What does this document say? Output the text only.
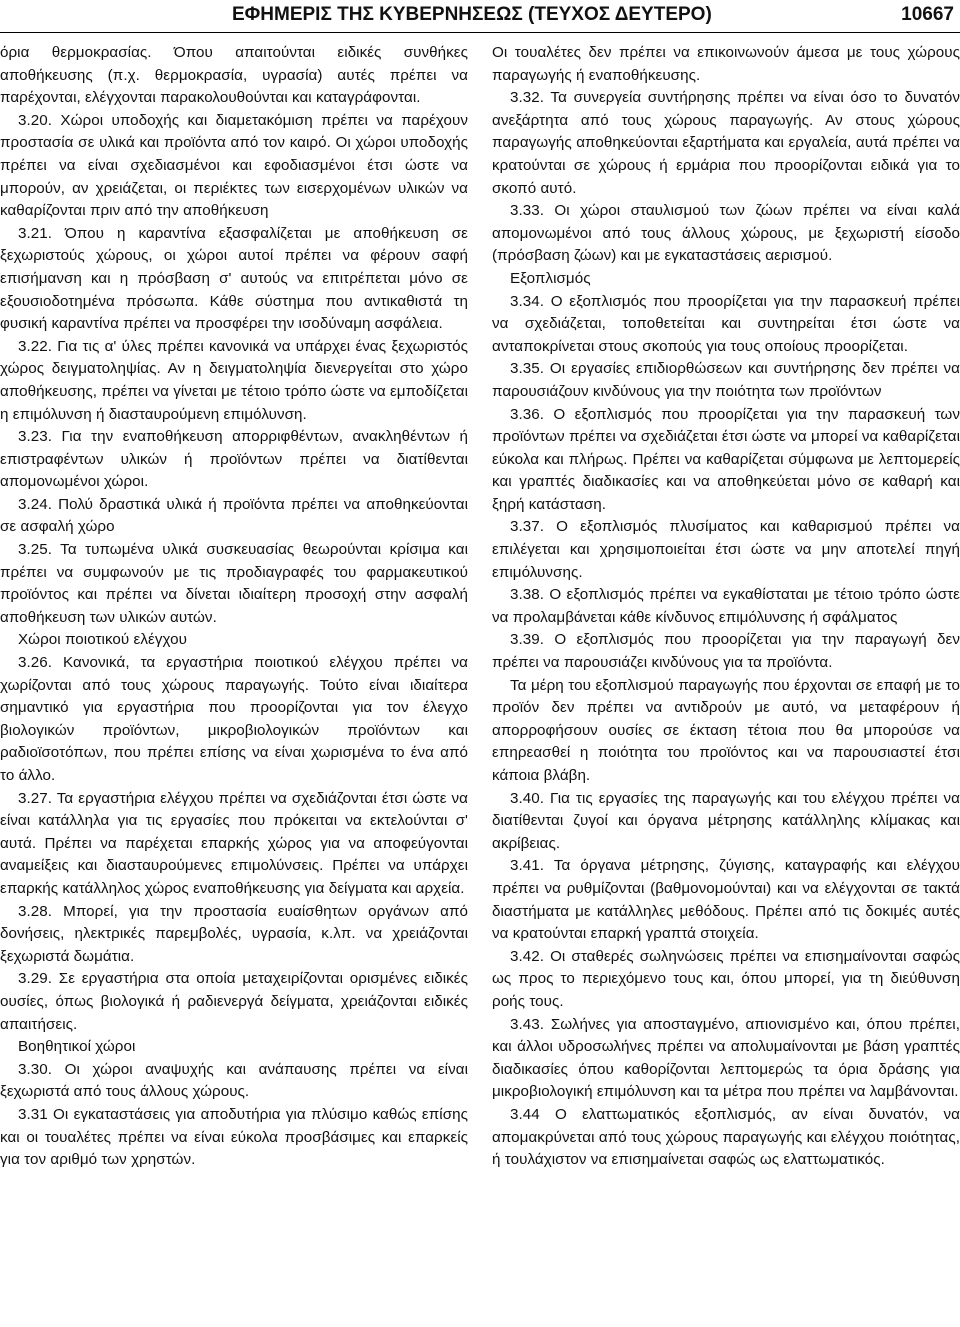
ΕΦΗΜΕΡΙΣ ΤΗΣ ΚΥΒΕΡΝΗΣΕΩΣ (ΤΕΥΧΟΣ ΔΕΥΤΕΡΟ)	10667

όρια θερμοκρασίας. Όπου απαιτούνται ειδικές συνθήκες αποθήκευσης (π.χ. θερμοκρασία, υγρασία) αυτές πρέπει να παρέχονται, ελέγχονται παρακολουθούνται και καταγράφονται.

3.20. Χώροι υποδοχής και διαμετακόμιση πρέπει να παρέχουν προστασία σε υλικά και προϊόντα από τον καιρό. Οι χώροι υποδοχής πρέπει να είναι σχεδιασμένοι και εφοδιασμένοι έτσι ώστε να μπορούν, αν χρειάζεται, οι περιέκτες των εισερχομένων υλικών να καθαρίζονται πριν από την αποθήκευση

3.21. Όπου η καραντίνα εξασφαλίζεται με αποθήκευση σε ξεχωριστούς χώρους, οι χώροι αυτοί πρέπει να φέρουν σαφή επισήμανση και η πρόσβαση σ' αυτούς να επιτρέπεται μόνο σε εξουσιοδοτημένα πρόσωπα. Κάθε σύστημα που αντικαθιστά τη φυσική καραντίνα πρέπει να προσφέρει την ισοδύναμη ασφάλεια.

3.22. Για τις α' ύλες πρέπει κανονικά να υπάρχει ένας ξεχωριστός χώρος δειγματοληψίας. Αν η δειγματοληψία διενεργείται στο χώρο αποθήκευσης, πρέπει να γίνεται με τέτοιο τρόπο ώστε να εμποδίζεται η επιμόλυνση ή διασταυρούμενη επιμόλυνση.

3.23. Για την εναποθήκευση απορριφθέντων, ανακληθέντων ή επιστραφέντων υλικών ή προϊόντων πρέπει να διατίθενται απομονωμένοι χώροι.

3.24. Πολύ δραστικά υλικά ή προϊόντα πρέπει να αποθηκεύονται σε ασφαλή χώρο

3.25. Τα τυπωμένα υλικά συσκευασίας θεωρούνται κρίσιμα και πρέπει να συμφωνούν με τις προδιαγραφές του φαρμακευτικού προϊόντος και πρέπει να δίνεται ιδιαίτερη προσοχή στην ασφαλή αποθήκευση των υλικών αυτών.

Χώροι ποιοτικού ελέγχου

3.26. Κανονικά, τα εργαστήρια ποιοτικού ελέγχου πρέπει να χωρίζονται από τους χώρους παραγωγής. Τούτο είναι ιδιαίτερα σημαντικό για εργαστήρια που προορίζονται για τον έλεγχο βιολογικών προϊόντων, μικροβιολογικών προϊόντων και ραδιοϊσοτόπων, που πρέπει επίσης να είναι χωρισμένα το ένα από το άλλο.

3.27. Τα εργαστήρια ελέγχου πρέπει να σχεδιάζονται έτσι ώστε να είναι κατάλληλα για τις εργασίες που πρόκειται να εκτελούνται σ' αυτά. Πρέπει να παρέχεται επαρκής χώρος για να αποφεύγονται αναμείξεις και διασταυρούμενες επιμολύνσεις. Πρέπει να υπάρχει επαρκής κατάλληλος χώρος εναποθήκευσης για δείγματα και αρχεία.

3.28. Μπορεί, για την προστασία ευαίσθητων οργάνων από δονήσεις, ηλεκτρικές παρεμβολές, υγρασία, κ.λπ. να χρειάζονται ξεχωριστά δωμάτια.

3.29. Σε εργαστήρια στα οποία μεταχειρίζονται ορισμένες ειδικές ουσίες, όπως βιολογικά ή ραδιενεργά δείγματα, χρειάζονται ειδικές απαιτήσεις.

Βοηθητικοί χώροι

3.30. Οι χώροι αναψυχής και ανάπαυσης πρέπει να είναι ξεχωριστά από τους άλλους χώρους.

3.31 Οι εγκαταστάσεις για αποδυτήρια για πλύσιμο καθώς επίσης και οι τουαλέτες πρέπει να είναι εύκολα προσβάσιμες και επαρκείς για τον αριθμό των χρηστών.

Οι τουαλέτες δεν πρέπει να επικοινωνούν άμεσα με τους χώρους παραγωγής ή εναποθήκευσης.

3.32. Τα συνεργεία συντήρησης πρέπει να είναι όσο το δυνατόν ανεξάρτητα από τους χώρους παραγωγής. Αν στους χώρους παραγωγής αποθηκεύονται εξαρτήματα και εργαλεία, αυτά πρέπει να κρατούνται σε χώρους ή ερμάρια που προορίζονται ειδικά για το σκοπό αυτό.

3.33. Οι χώροι σταυλισμού των ζώων πρέπει να είναι καλά απομονωμένοι από τους άλλους χώρους, με ξεχωριστή είσοδο (πρόσβαση ζώων) και με εγκαταστάσεις αερισμού.

Εξοπλισμός

3.34. Ο εξοπλισμός που προορίζεται για την παρασκευή πρέπει να σχεδιάζεται, τοποθετείται και συντηρείται έτσι ώστε να ανταποκρίνεται στους σκοπούς για τους οποίους προορίζεται.

3.35. Οι εργασίες επιδιορθώσεων και συντήρησης δεν πρέπει να παρουσιάζουν κινδύνους για την ποιότητα των προϊόντων

3.36. Ο εξοπλισμός που προορίζεται για την παρασκευή των προϊόντων πρέπει να σχεδιάζεται έτσι ώστε να μπορεί να καθαρίζεται εύκολα και πλήρως. Πρέπει να καθαρίζεται σύμφωνα με λεπτομερείς και γραπτές διαδικασίες και να αποθηκεύεται μόνο σε καθαρή και ξηρή κατάσταση.

3.37. Ο εξοπλισμός πλυσίματος και καθαρισμού πρέπει να επιλέγεται και χρησιμοποιείται έτσι ώστε να μην αποτελεί πηγή επιμόλυνσης.

3.38. Ο εξοπλισμός πρέπει να εγκαθίσταται με τέτοιο τρόπο ώστε να προλαμβάνεται κάθε κίνδυνος επιμόλυνσης ή σφάλματος

3.39. Ο εξοπλισμός που προορίζεται για την παραγωγή δεν πρέπει να παρουσιάζει κινδύνους για τα προϊόντα.

Τα μέρη του εξοπλισμού παραγωγής που έρχονται σε επαφή με το προϊόν δεν πρέπει να αντιδρούν με αυτό, να μεταφέρουν ή απορροφήσουν ουσίες σε έκταση τέτοια που θα μπορούσε να επηρεασθεί η ποιότητα του προϊόντος και να παρουσιαστεί έτσι κάποια βλάβη.

3.40. Για τις εργασίες της παραγωγής και του ελέγχου πρέπει να διατίθενται ζυγοί και όργανα μέτρησης κατάλληλης κλίμακας και ακρίβειας.

3.41. Τα όργανα μέτρησης, ζύγισης, καταγραφής και ελέγχου πρέπει να ρυθμίζονται (βαθμονομούνται) και να ελέγχονται σε τακτά διαστήματα με κατάλληλες μεθόδους. Πρέπει από τις δοκιμές αυτές να κρατούνται επαρκή γραπτά στοιχεία.

3.42. Οι σταθερές σωληνώσεις πρέπει να επισημαίνονται σαφώς ως προς το περιεχόμενο τους και, όπου μπορεί, για τη διεύθυνση ροής τους.

3.43. Σωλήνες για αποσταγμένο, απιονισμένο και, όπου πρέπει, και άλλοι υδροσωλήνες πρέπει να απολυμαίνονται με βάση γραπτές διαδικασίες όπου καθορίζονται λεπτομερώς τα όρια δράσης για μικροβιολογική επιμόλυνση και τα μέτρα που πρέπει να λαμβάνονται.

3.44 Ο ελαττωματικός εξοπλισμός, αν είναι δυνατόν, να απομακρύνεται από τους χώρους παραγωγής και ελέγχου ποιότητας, ή τουλάχιστον να επισημαίνεται σαφώς ως ελαττωματικός.
